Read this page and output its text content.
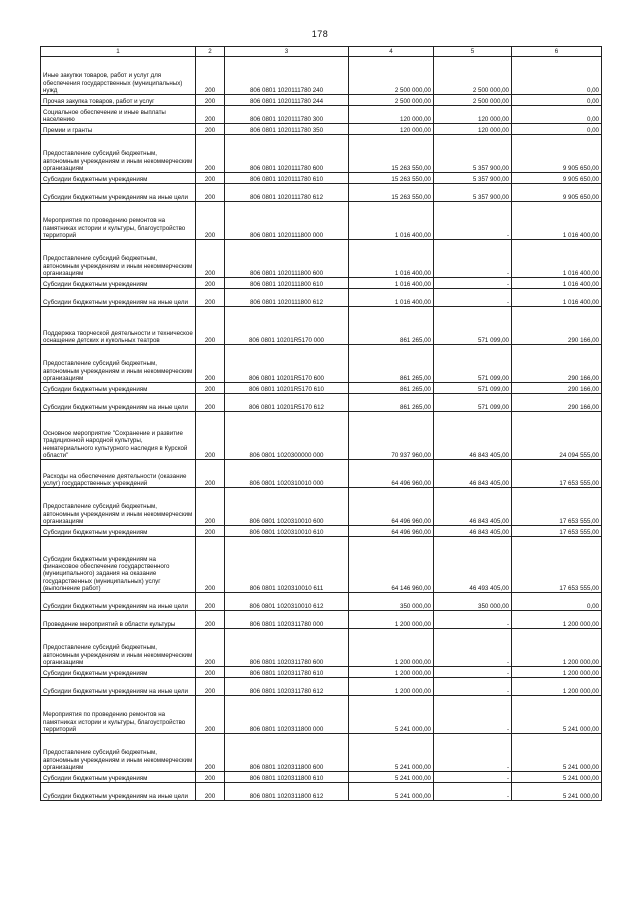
178
1	2	3	4	5	6
Иные закупки товаров, работ и услуг для обеспечения государственных (муниципальных) нужд	200	806 0801 1020111780 240	2 500 000,00	2 500 000,00	0,00
Прочая закупка товаров, работ и услуг	200	806 0801 1020111780 244	2 500 000,00	2 500 000,00	0,00
Социальное обеспечение и иные выплаты населению	200	806 0801 1020111780 300	120 000,00	120 000,00	0,00
Премии и гранты	200	806 0801 1020111780 350	120 000,00	120 000,00	0,00
Предоставление субсидий бюджетным, автономным учреждениям и иным некоммерческим организациям	200	806 0801 1020111780 600	15 263 550,00	5 357 900,00	9 905 650,00
Субсидии бюджетным учреждениям	200	806 0801 1020111780 610	15 263 550,00	5 357 900,00	9 905 650,00
Субсидии бюджетным учреждениям на иные цели	200	806 0801 1020111780 612	15 263 550,00	5 357 900,00	9 905 650,00
Мероприятия по проведению ремонтов на памятниках истории и культуры, благоустройство территорий	200	806 0801 1020111800 000	1 016 400,00	-	1 016 400,00
Предоставление субсидий бюджетным, автономным учреждениям и иным некоммерческим организациям	200	806 0801 1020111800 600	1 016 400,00	-	1 016 400,00
Субсидии бюджетным учреждениям	200	806 0801 1020111800 610	1 016 400,00	-	1 016 400,00
Субсидии бюджетным учреждениям на иные цели	200	806 0801 1020111800 612	1 016 400,00	-	1 016 400,00
Поддержка творческой деятельности и техническое оснащение детских и кукольных театров	200	806 0801 10201R5170 000	861 265,00	571 099,00	290 166,00
Предоставление субсидий бюджетным, автономным учреждениям и иным некоммерческим организациям	200	806 0801 10201R5170 600	861 265,00	571 099,00	290 166,00
Субсидии бюджетным учреждениям	200	806 0801 10201R5170 610	861 265,00	571 099,00	290 166,00
Субсидии бюджетным учреждениям на иные цели	200	806 0801 10201R5170 612	861 265,00	571 099,00	290 166,00
Основное мероприятие "Сохранение и развитие традиционной народной культуры, нематериального культурного наследия в Курской области"	200	806 0801 1020300000 000	70 937 960,00	46 843 405,00	24 094 555,00
Расходы на обеспечение деятельности (оказание услуг) государственных учреждений	200	806 0801 1020310010 000	64 496 960,00	46 843 405,00	17 653 555,00
Предоставление субсидий бюджетным, автономным учреждениям и иным некоммерческим организациям	200	806 0801 1020310010 600	64 496 960,00	46 843 405,00	17 653 555,00
Субсидии бюджетным учреждениям	200	806 0801 1020310010 610	64 496 960,00	46 843 405,00	17 653 555,00
Субсидии бюджетным учреждениям на финансовое обеспечение государственного (муниципального) задания на оказание государственных (муниципальных) услуг (выполнение работ)	200	806 0801 1020310010 611	64 146 960,00	46 493 405,00	17 653 555,00
Субсидии бюджетным учреждениям на иные цели	200	806 0801 1020310010 612	350 000,00	350 000,00	0,00
Проведение мероприятий в области культуры	200	806 0801 1020311780 000	1 200 000,00	-	1 200 000,00
Предоставление субсидий бюджетным, автономным учреждениям и иным некоммерческим организациям	200	806 0801 1020311780 600	1 200 000,00	-	1 200 000,00
Субсидии бюджетным учреждениям	200	806 0801 1020311780 610	1 200 000,00	-	1 200 000,00
Субсидии бюджетным учреждениям на иные цели	200	806 0801 1020311780 612	1 200 000,00	-	1 200 000,00
Мероприятия по проведению ремонтов на памятниках истории и культуры, благоустройство территорий	200	806 0801 1020311800 000	5 241 000,00	-	5 241 000,00
Предоставление субсидий бюджетным, автономным учреждениям и иным некоммерческим организациям	200	806 0801 1020311800 600	5 241 000,00	-	5 241 000,00
Субсидии бюджетным учреждениям	200	806 0801 1020311800 610	5 241 000,00	-	5 241 000,00
Субсидии бюджетным учреждениям на иные цели	200	806 0801 1020311800 612	5 241 000,00	-	5 241 000,00
